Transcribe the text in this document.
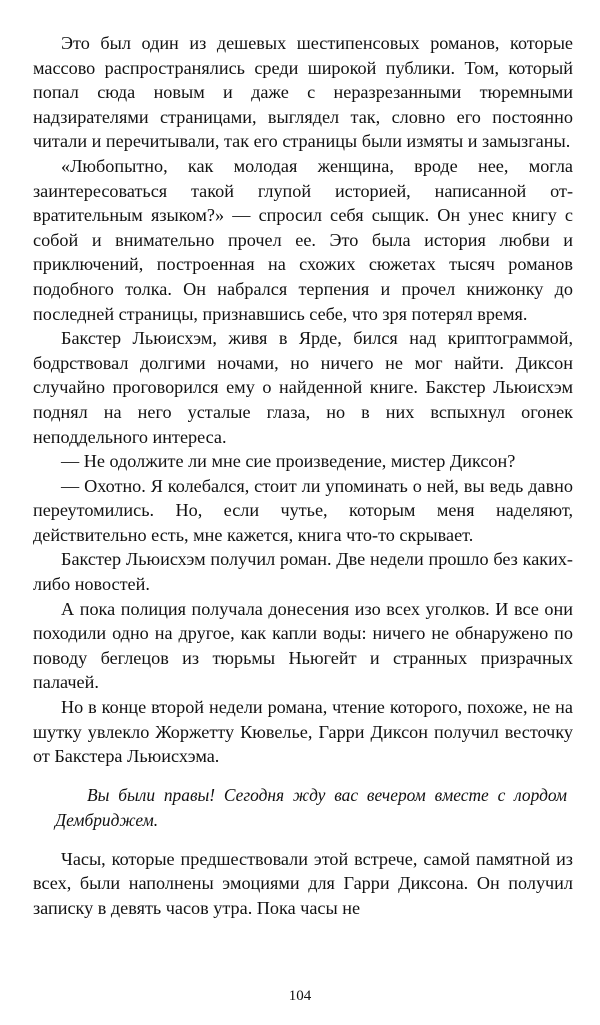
Это был один из дешевых шестипенсовых романов, которые массово распространялись среди широкой публики. Том, который попал сюда новым и даже с неразрезанными тюремными надзирателями страницами, выглядел так, словно его постоянно читали и перечитывали, так его страницы были измяты и замызганы.

«Любопытно, как молодая женщина, вроде нее, могла заинтересоваться такой глупой историей, написанной отвратительным языком?» — спросил себя сыщик. Он унес книгу с собой и внимательно прочел ее. Это была история любви и приключений, построенная на схожих сюжетах тысяч романов подобного толка. Он набрался терпения и прочел книжонку до последней страницы, признавшись себе, что зря потерял время.

Бакстер Льюисхэм, живя в Ярде, бился над криптограммой, бодрствовал долгими ночами, но ничего не мог найти. Диксон случайно проговорился ему о найденной книге. Бакстер Льюисхэм поднял на него усталые глаза, но в них вспыхнул огонек неподдельного интереса.

— Не одолжите ли мне сие произведение, мистер Диксон?

— Охотно. Я колебался, стоит ли упоминать о ней, вы ведь давно переутомились. Но, если чутье, которым меня наделяют, действительно есть, мне кажется, книга что-то скрывает.

Бакстер Льюисхэм получил роман. Две недели прошло без каких-либо новостей.

А пока полиция получала донесения изо всех уголков. И все они походили одно на другое, как капли воды: ничего не обнаружено по поводу беглецов из тюрьмы Ньюгейт и странных призрачных палачей.

Но в конце второй недели романа, чтение которого, похоже, не на шутку увлекло Жоржетту Кювелье, Гарри Диксон получил весточку от Бакстера Льюисхэма.

Вы были правы! Сегодня жду вас вечером вместе с лордом Дембриджем.

Часы, которые предшествовали этой встрече, самой памятной из всех, были наполнены эмоциями для Гарри Диксона. Он получил записку в девять часов утра. Пока часы не

104
